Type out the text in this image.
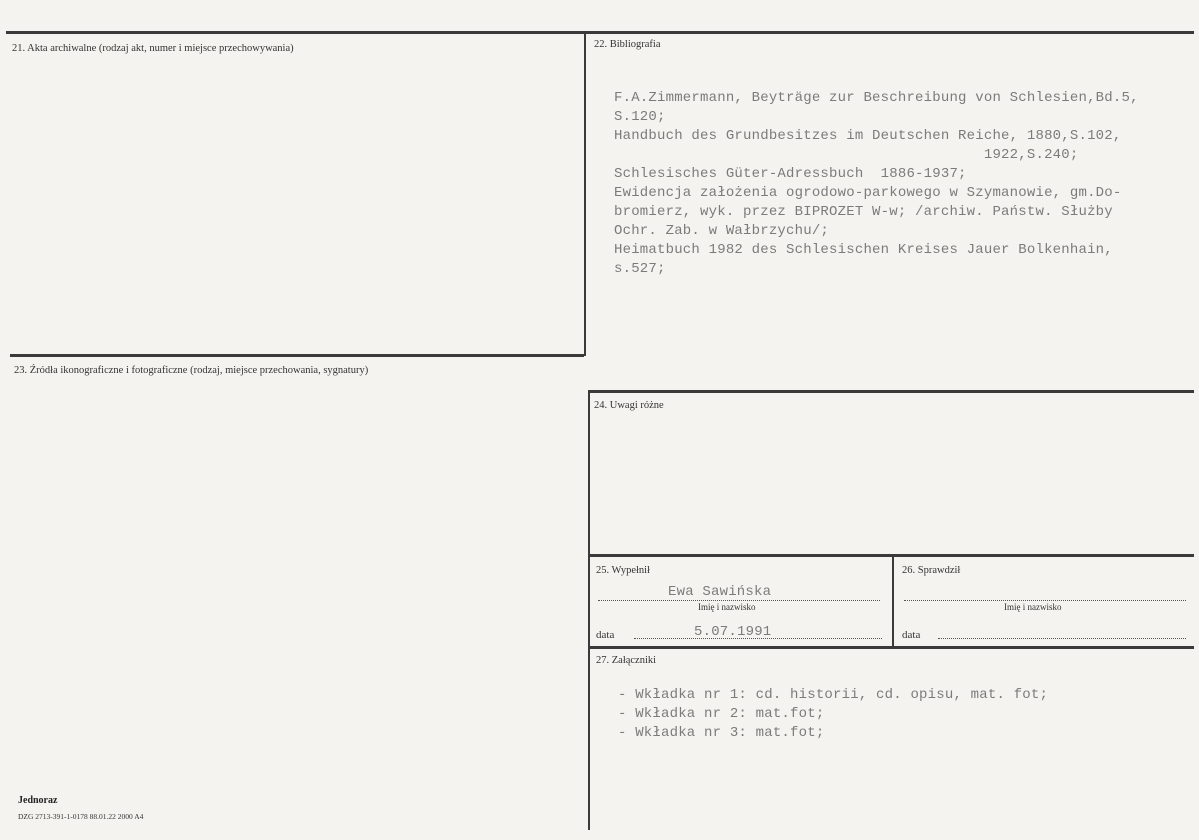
21. Akta archiwalne (rodzaj akt, numer i miejsce przechowywania)
23. Źródła ikonograficzne i fotograficzne (rodzaj, miejsce przechowania, sygnatury)
22. Bibliografia

F.A.Zimmermann, Beyträge zur Beschreibung von Schlesien,Bd.5,
S.120;
Handbuch des Grundbesitzes im Deutschen Reiche, 1880,S.102,
1922,S.240;
Schlesisches Güter-Adressbuch  1886-1937;
Ewidencja założenia ogrodowo-parkowego w Szymanowie, gm.Do-
bromierz, wyk. przez BIPROZET W-w; /archiw. Państw. Służby
Ochr. Zab. w Wałbrzychu/;
Heimatbuch 1982 des Schlesischen Kreises Jauer Bolkenhain,
s.527;

24. Uwagi różne
25. Wypełnił
Ewa Sawińska
Imię i nazwisko
data	5.07.1991
26. Sprawdził
Imię i nazwisko
data
27. Załączniki

- Wkładka nr 1: cd. historii, cd. opisu, mat. fot;
- Wkładka nr 2: mat.fot;
- Wkładka nr 3: mat.fot;

Jednoraz
DZG 2713-391-1-0178 88.01.22 2000 A4
